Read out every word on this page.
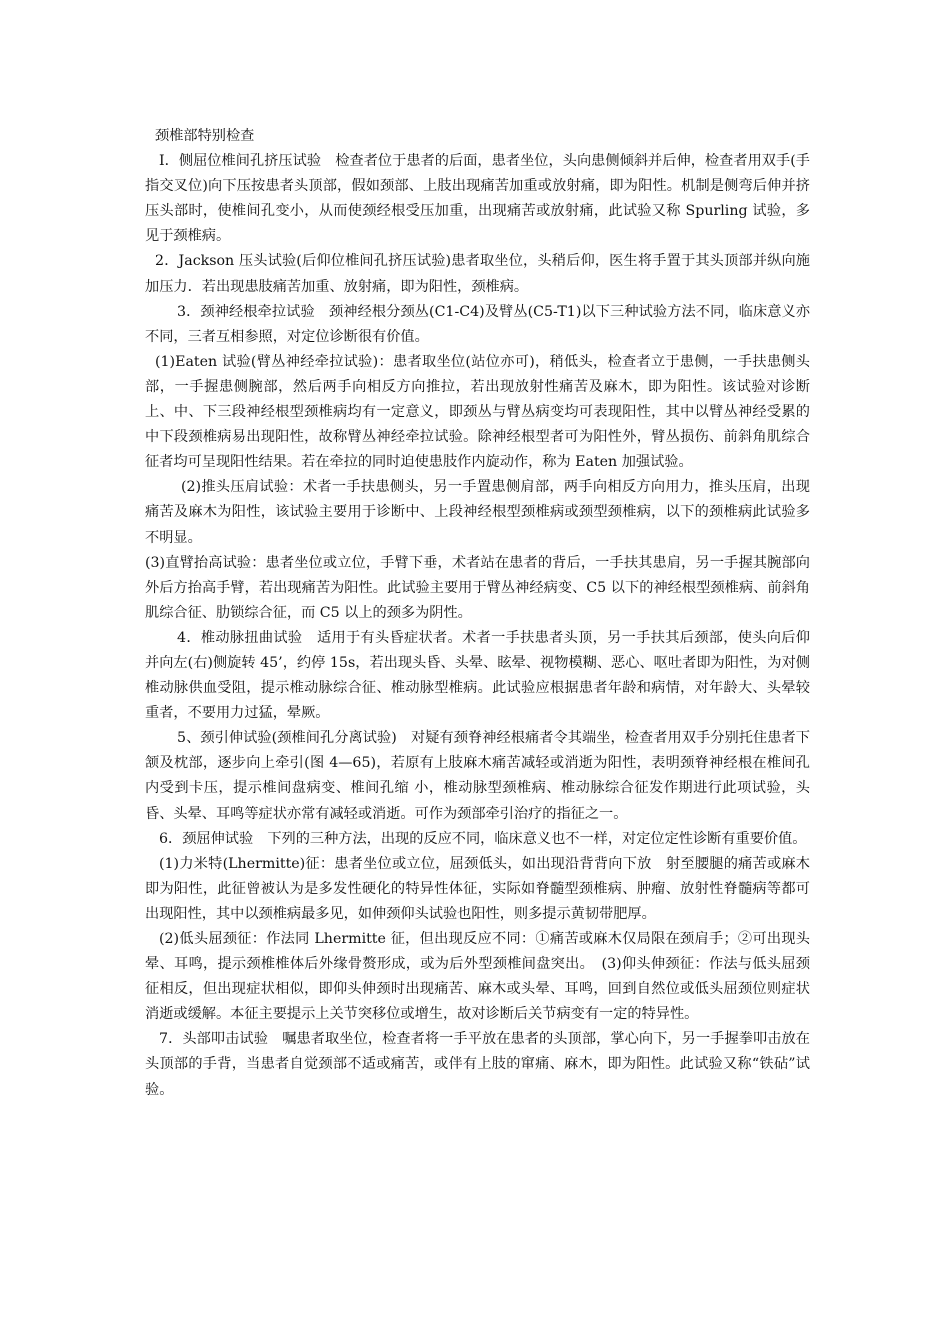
颈椎部特别检查

I．侧屈位椎间孔挤压试验　检查者位于患者的后面，患者坐位，头向患侧倾斜并后伸，检查者用双手(手指交叉位)向下压按患者头顶部，假如颈部、上肢出现痛苦加重或放射痛，即为阳性。机制是侧弯后伸并挤压头部时，使椎间孔变小，从而使颈经根受压加重，出现痛苦或放射痛，此试验又称 Spurling 试验，多见于颈椎病。

2．Jackson 压头试验(后仰位椎间孔挤压试验)患者取坐位，头稍后仰，医生将手置于其头顶部并纵向施加压力．若出现患肢痛苦加重、放射痛，即为阳性，颈椎病。

3．颈神经根牵拉试验　颈神经根分颈丛(C1-C4)及臂丛(C5-T1)以下三种试验方法不同，临床意义亦不同，三者互相参照，对定位诊断很有价值。

(1)Eaten 试验(臂丛神经牵拉试验)：患者取坐位(站位亦可)，稍低头，检查者立于患侧，一手扶患侧头部，一手握患侧腕部，然后两手向相反方向推拉，若出现放射性痛苦及麻木，即为阳性。该试验对诊断上、中、下三段神经根型颈椎病均有一定意义，即颈丛与臂丛病变均可表现阳性，其中以臂丛神经受累的中下段颈椎病易出现阳性，故称臂丛神经牵拉试验。除神经根型者可为阳性外，臂丛损伤、前斜角肌综合征者均可呈现阳性结果。若在牵拉的同时迫使患肢作内旋动作，称为 Eaten 加强试验。

(2)推头压肩试验：术者一手扶患侧头，另一手置患侧肩部，两手向相反方向用力，推头压肩，出现痛苦及麻木为阳性，该试验主要用于诊断中、上段神经根型颈椎病或颈型颈椎病，以下的颈椎病此试验多不明显。

(3)直臂抬高试验：患者坐位或立位，手臂下垂，术者站在患者的背后，一手扶其患肩，另一手握其腕部向外后方抬高手臂，若出现痛苦为阳性。此试验主要用于臂丛神经病变、C5 以下的神经根型颈椎病、前斜角肌综合征、肋锁综合征，而 C5 以上的颈多为阴性。

4．椎动脉扭曲试验　适用于有头昏症状者。术者一手扶患者头顶，另一手扶其后颈部，使头向后仰并向左(右)侧旋转 45’，约停 15s，若出现头昏、头晕、眩晕、视物模糊、恶心、呕吐者即为阳性，为对侧椎动脉供血受阻，提示椎动脉综合征、椎动脉型椎病。此试验应根据患者年龄和病情，对年龄大、头晕较重者，不要用力过猛，晕厥。

5、颈引伸试验(颈椎间孔分离试验)　对疑有颈脊神经根痛者令其端坐，检查者用双手分别托住患者下颔及枕部，逐步向上牵引(图 4—65)，若原有上肢麻木痛苦减轻或消逝为阳性，表明颈脊神经根在椎间孔内受到卡压，提示椎间盘病变、椎间孔缩 小，椎动脉型颈椎病、椎动脉综合征发作期进行此项试验，头昏、头晕、耳鸣等症状亦常有减轻或消逝。可作为颈部牵引治疗的指征之一。

6．颈屈伸试验　下列的三种方法，出现的反应不同，临床意义也不一样，对定位定性诊断有重要价值。

(1)力米特(Lhermitte)征：患者坐位或立位，屈颈低头，如出现沿背背向下放　射至腰腿的痛苦或麻木即为阳性，此征曾被认为是多发性硬化的特异性体征，实际如脊髓型颈椎病、肿瘤、放射性脊髓病等都可出现阳性，其中以颈椎病最多见，如伸颈仰头试验也阳性，则多提示黄韧带肥厚。

(2)低头屈颈征：作法同 Lhermitte 征，但出现反应不同：①痛苦或麻木仅局限在颈肩手；②可出现头晕、耳鸣，提示颈椎椎体后外缘骨赘形成，或为后外型颈椎间盘突出。　(3)仰头伸颈征：作法与低头屈颈征相反，但出现症状相似，即仰头伸颈时出现痛苦、麻木或头晕、耳鸣，回到自然位或低头屈颈位则症状消逝或缓解。本征主要提示上关节突移位或增生，故对诊断后关节病变有一定的特异性。

7．头部叩击试验　嘱患者取坐位，检查者将一手平放在患者的头顶部，掌心向下，另一手握拳叩击放在头顶部的手背，当患者自觉颈部不适或痛苦，或伴有上肢的窜痛、麻木，即为阳性。此试验又称“铁砧”试验。
